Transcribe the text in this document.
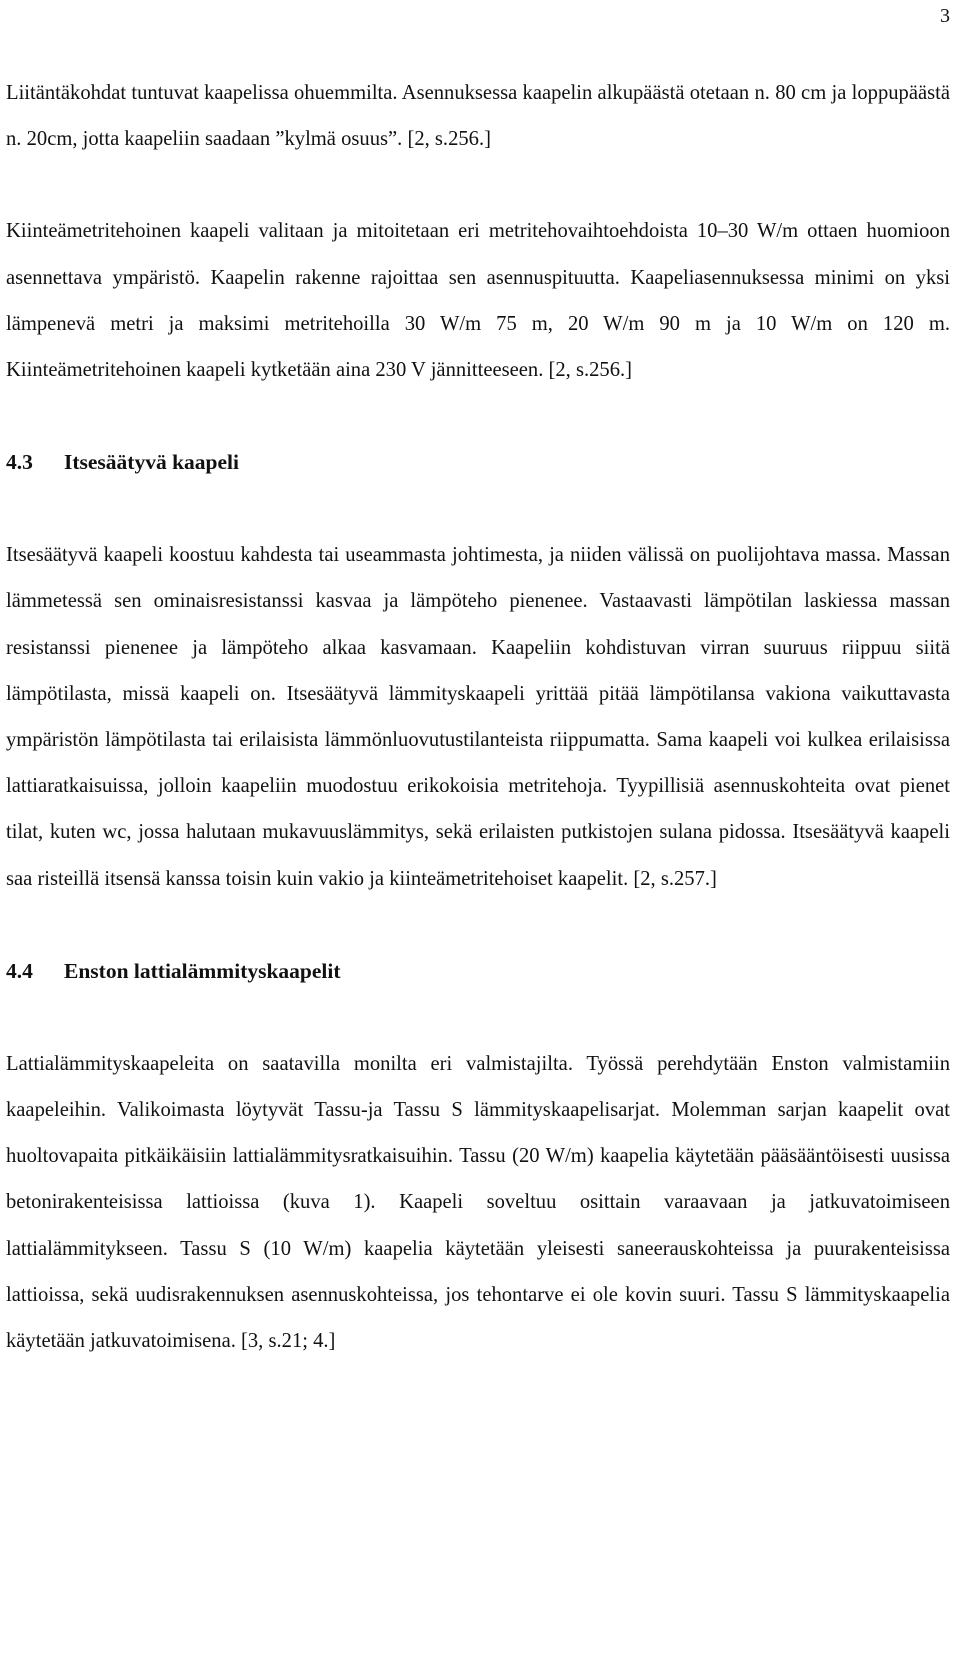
3

Liitäntäkohdat tuntuvat kaapelissa ohuemmilta. Asennuksessa kaapelin alkupäästä otetaan n. 80 cm ja loppupäästä n. 20cm, jotta kaapeliin saadaan ”kylmä osuus”. [2, s.256.]

Kiinteämetritehoinen kaapeli valitaan ja mitoitetaan eri metritehovaihtoehdoista 10–30 W/m ottaen huomioon asennettava ympäristö. Kaapelin rakenne rajoittaa sen asennuspituutta. Kaapeliasennuksessa minimi on yksi lämpenevä metri ja maksimi metritehoilla 30 W/m 75 m, 20 W/m 90 m ja 10 W/m on 120 m. Kiinteämetritehoinen kaapeli kytketään aina 230 V jännitteeseen. [2, s.256.]

4.3 Itsesäätyvä kaapeli

Itsesäätyvä kaapeli koostuu kahdesta tai useammasta johtimesta, ja niiden välissä on puolijohtava massa. Massan lämmetessä sen ominaisresistanssi kasvaa ja lämpöteho pienenee. Vastaavasti lämpötilan laskiessa massan resistanssi pienenee ja lämpöteho alkaa kasvamaan. Kaapeliin kohdistuvan virran suuruus riippuu siitä lämpötilasta, missä kaapeli on. Itsesäätyvä lämmityskaapeli yrittää pitää lämpötilansa vakiona vaikuttavasta ympäristön lämpötilasta tai erilaisista lämmönluovutustilanteista riippumatta. Sama kaapeli voi kulkea erilaisissa lattiaratkaisuissa, jolloin kaapeliin muodostuu erikokoisia metritehoja. Tyypillisiä asennuskohteita ovat pienet tilat, kuten wc, jossa halutaan mukavuuslämmitys, sekä erilaisten putkistojen sulana pidossa. Itsesäätyvä kaapeli saa risteillä itsensä kanssa toisin kuin vakio ja kiinteämetritehoiset kaapelit. [2, s.257.]

4.4 Enston lattialämmityskaapelit

Lattialämmityskaapeleita on saatavilla monilta eri valmistajilta. Työssä perehdytään Enston valmistamiin kaapeleihin. Valikoimasta löytyvät Tassu-ja Tassu S lämmityskaapelisarjat. Molemman sarjan kaapelit ovat huoltovapaita pitkäikäisiin lattialämmitysratkaisuihin. Tassu (20 W/m) kaapelia käytetään pääsääntöisesti uusissa betonirakenteisissa lattioissa (kuva 1). Kaapeli soveltuu osittain varaavaan ja jatkuvatoimiseen lattialämmitykseen. Tassu S (10 W/m) kaapelia käytetään yleisesti saneerauskohteissa ja puurakenteisissa lattioissa, sekä uudisrakennuksen asennuskohteissa, jos tehontarve ei ole kovin suuri. Tassu S lämmityskaapelia käytetään jatkuvatoimisena. [3, s.21; 4.]
